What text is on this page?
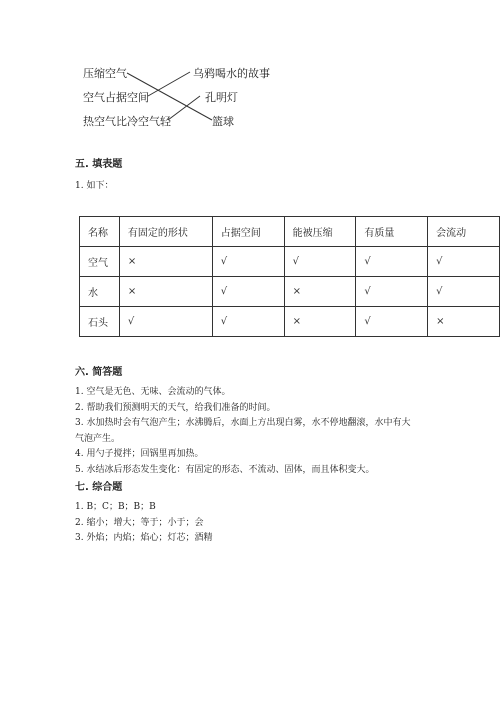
压缩空气
空气占据空间
热空气比冷空气轻
乌鸦喝水的故事
孔明灯
篮球
五. 填表题
1. 如下：
名称	有固定的形状	占据空间	能被压缩	有质量	会流动
空气	×	√	√	√	√
水	×	√	×	√	√
石头	√	√	×	√	×
六. 简答题
1. 空气是无色、无味、会流动的气体。
2. 帮助我们预测明天的天气，给我们准备的时间。
3. 水加热时会有气泡产生；水沸腾后，水面上方出现白雾，水不停地翻滚，水中有大气泡产生。
4. 用勺子搅拌；回锅里再加热。
5. 水结冰后形态发生变化：有固定的形态、不流动、固体，而且体积变大。
七. 综合题
1. B；C；B；B；B
2. 缩小；增大；等于；小于；会
3. 外焰；内焰；焰心；灯芯；酒精
